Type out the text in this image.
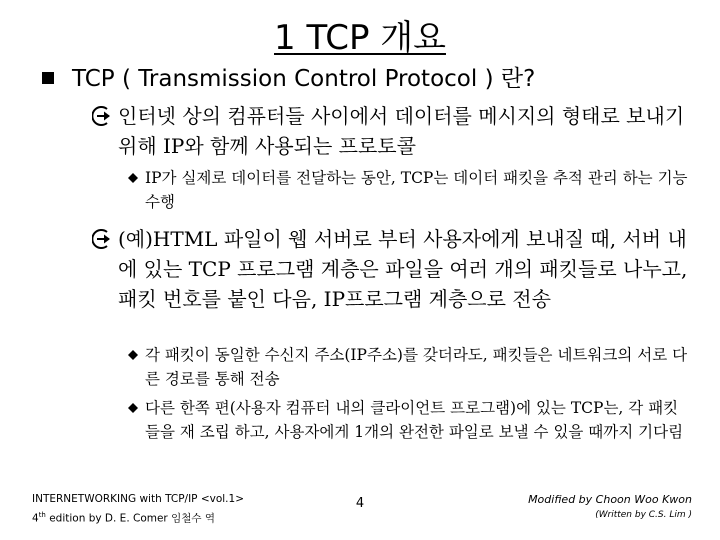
1 TCP 개요
TCP ( Transmission Control Protocol ) 란?
인터넷 상의 컴퓨터들 사이에서 데이터를 메시지의 형태로 보내기 위해 IP와 함께 사용되는 프로토콜
IP가 실제로 데이터를 전달하는 동안, TCP는 데이터 패킷을 추적 관리 하는 기능 수행
(예)HTML 파일이 웹 서버로 부터 사용자에게 보내질 때, 서버 내에 있는 TCP 프로그램 계층은 파일을 여러 개의 패킷들로 나누고, 패킷 번호를 붙인 다음, IP프로그램 계층으로 전송
각 패킷이 동일한 수신지 주소(IP주소)를 갖더라도, 패킷들은 네트워크의 서로 다른 경로를 통해 전송
다른 한쪽 편(사용자 컴퓨터 내의 클라이언트 프로그램)에 있는 TCP는, 각 패킷들을 재 조립 하고, 사용자에게 1개의 완전한 파일로 보낼 수 있을 때까지 기다림
INTERNETWORKING with TCP/IP <vol.1>
4th edition by D. E. Comer 임철수 역
4	Modified by Choon Woo Kwon
(Written by C.S. Lim )
